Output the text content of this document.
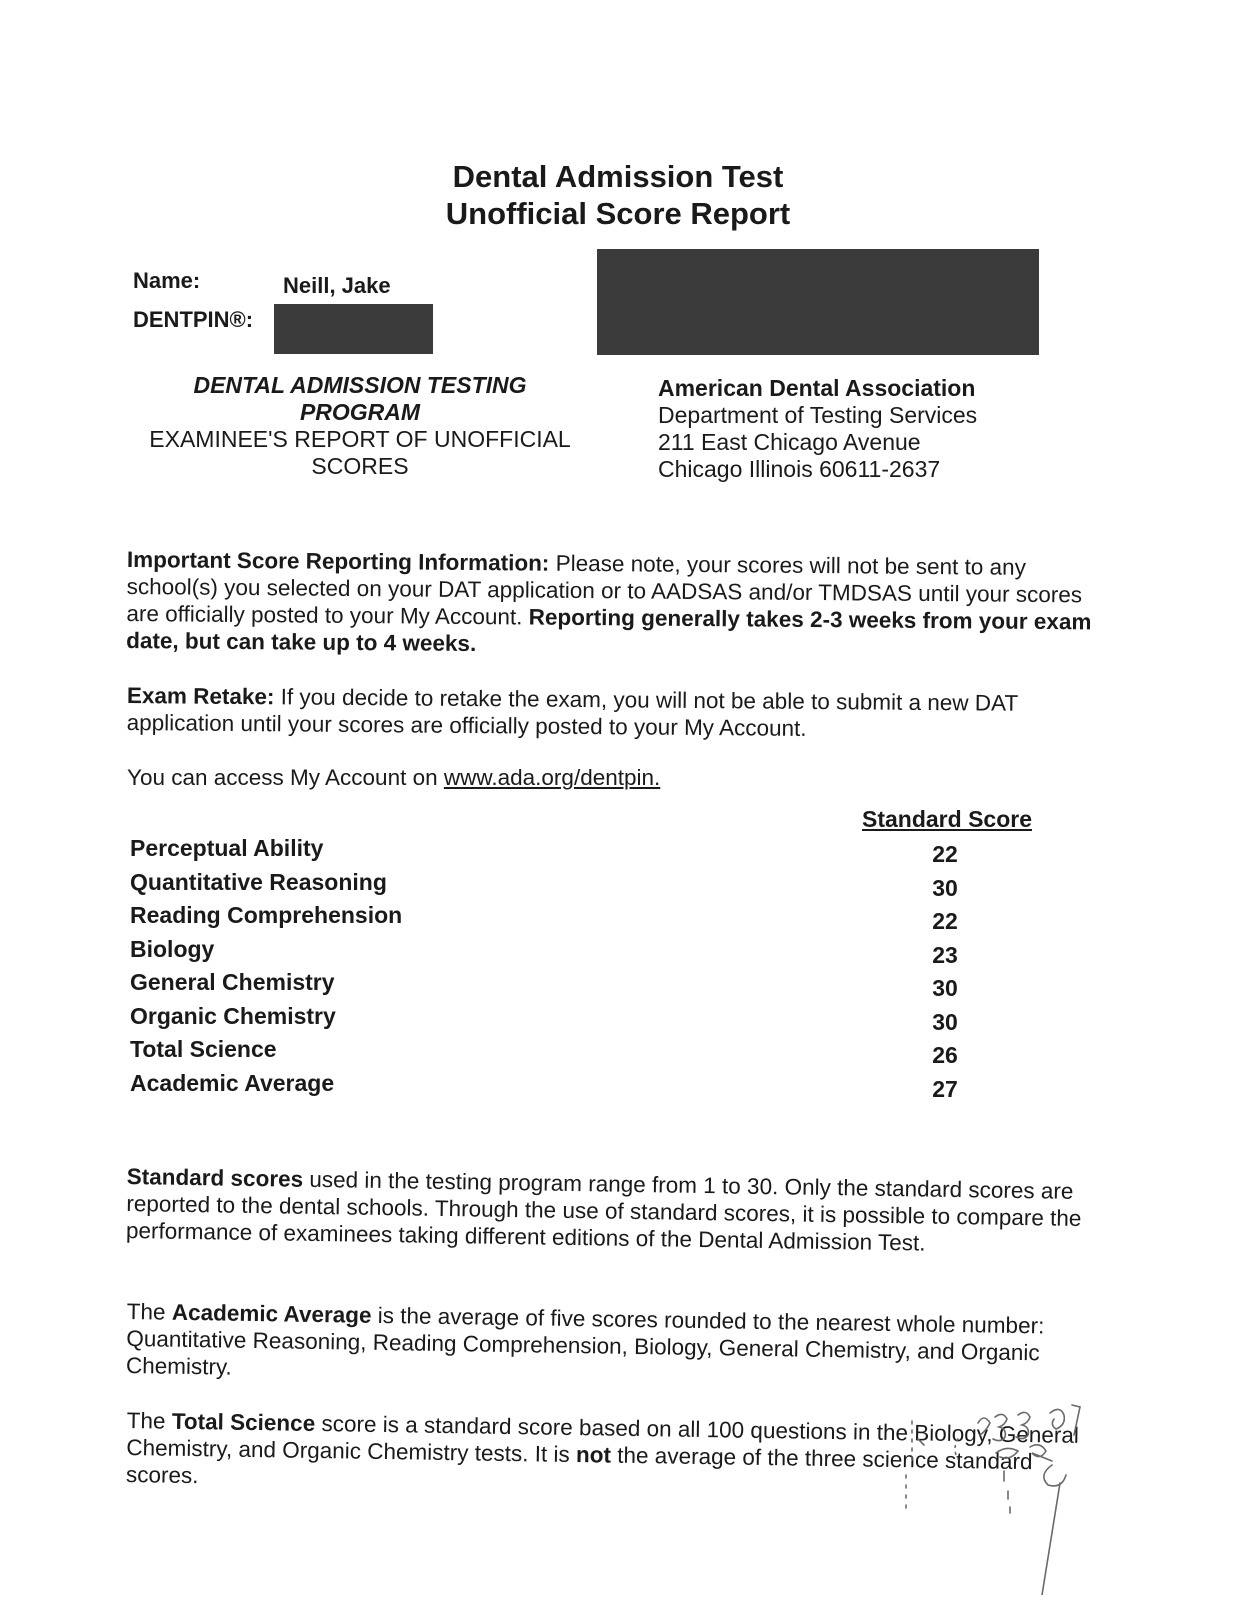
Dental Admission Test
Unofficial Score Report
Name:	Neill, Jake
DENTPIN®:
DENTAL ADMISSION TESTING
PROGRAM
EXAMINEE'S REPORT OF UNOFFICIAL
SCORES
American Dental Association
Department of Testing Services
211 East Chicago Avenue
Chicago Illinois 60611-2637
Important Score Reporting Information: Please note, your scores will not be sent to any school(s) you selected on your DAT application or to AADSAS and/or TMDSAS until your scores are officially posted to your My Account. Reporting generally takes 2-3 weeks from your exam date, but can take up to 4 weeks.
Exam Retake: If you decide to retake the exam, you will not be able to submit a new DAT application until your scores are officially posted to your My Account.
You can access My Account on www.ada.org/dentpin.
Standard Score
Perceptual Ability
Quantitative Reasoning
Reading Comprehension
Biology
General Chemistry
Organic Chemistry
Total Science
Academic Average
22
30
22
23
30
30
26
27
Standard scores used in the testing program range from 1 to 30. Only the standard scores are reported to the dental schools. Through the use of standard scores, it is possible to compare the performance of examinees taking different editions of the Dental Admission Test.
The Academic Average is the average of five scores rounded to the nearest whole number: Quantitative Reasoning, Reading Comprehension, Biology, General Chemistry, and Organic Chemistry.
The Total Science score is a standard score based on all 100 questions in the Biology, General Chemistry, and Organic Chemistry tests. It is not the average of the three science standard scores.
